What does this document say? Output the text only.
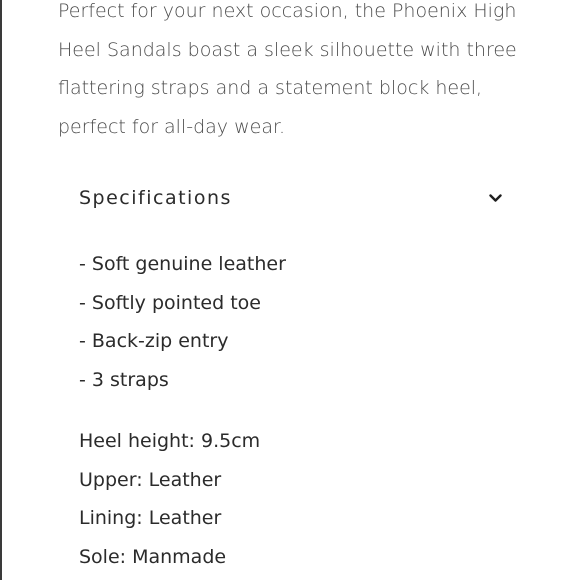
Perfect for your next occasion, the Phoenix High Heel Sandals boast a sleek silhouette with three flattering straps and a statement block heel, perfect for all-day wear.

Specifications
- Soft genuine leather
- Softly pointed toe
- Back-zip entry
- 3 straps
Heel height: 9.5cm
Upper: Leather
Lining: Leather
Sole: Manmade
